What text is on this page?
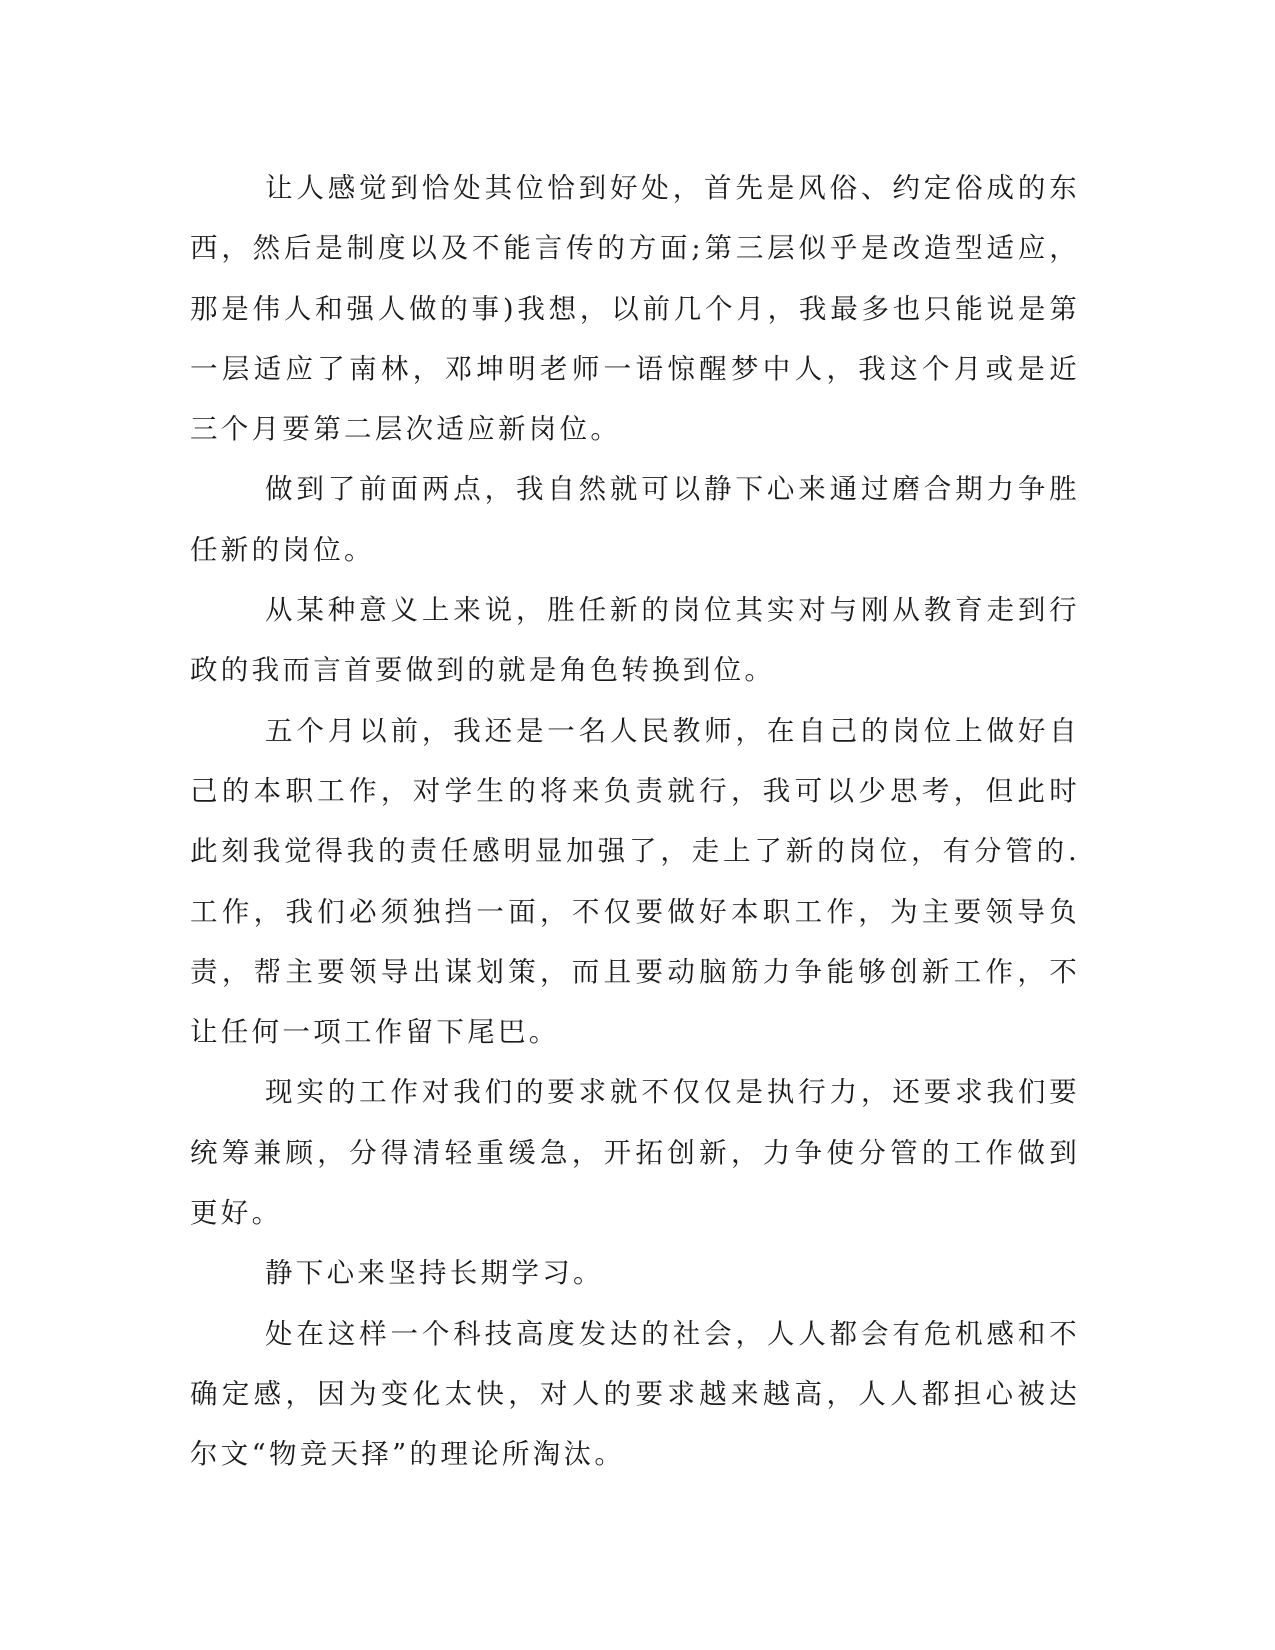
让人感觉到恰处其位恰到好处，首先是风俗、约定俗成的东西，然后是制度以及不能言传的方面;第三层似乎是改造型适应，那是伟人和强人做的事)我想，以前几个月，我最多也只能说是第一层适应了南林，邓坤明老师一语惊醒梦中人，我这个月或是近三个月要第二层次适应新岗位。

做到了前面两点，我自然就可以静下心来通过磨合期力争胜任新的岗位。

从某种意义上来说，胜任新的岗位其实对与刚从教育走到行政的我而言首要做到的就是角色转换到位。

五个月以前，我还是一名人民教师，在自己的岗位上做好自己的本职工作，对学生的将来负责就行，我可以少思考，但此时此刻我觉得我的责任感明显加强了，走上了新的岗位，有分管的.工作，我们必须独挡一面，不仅要做好本职工作，为主要领导负责，帮主要领导出谋划策，而且要动脑筋力争能够创新工作，不让任何一项工作留下尾巴。

现实的工作对我们的要求就不仅仅是执行力，还要求我们要统筹兼顾，分得清轻重缓急，开拓创新，力争使分管的工作做到更好。

静下心来坚持长期学习。

处在这样一个科技高度发达的社会，人人都会有危机感和不确定感，因为变化太快，对人的要求越来越高，人人都担心被达尔文“物竞天择”的理论所淘汰。
